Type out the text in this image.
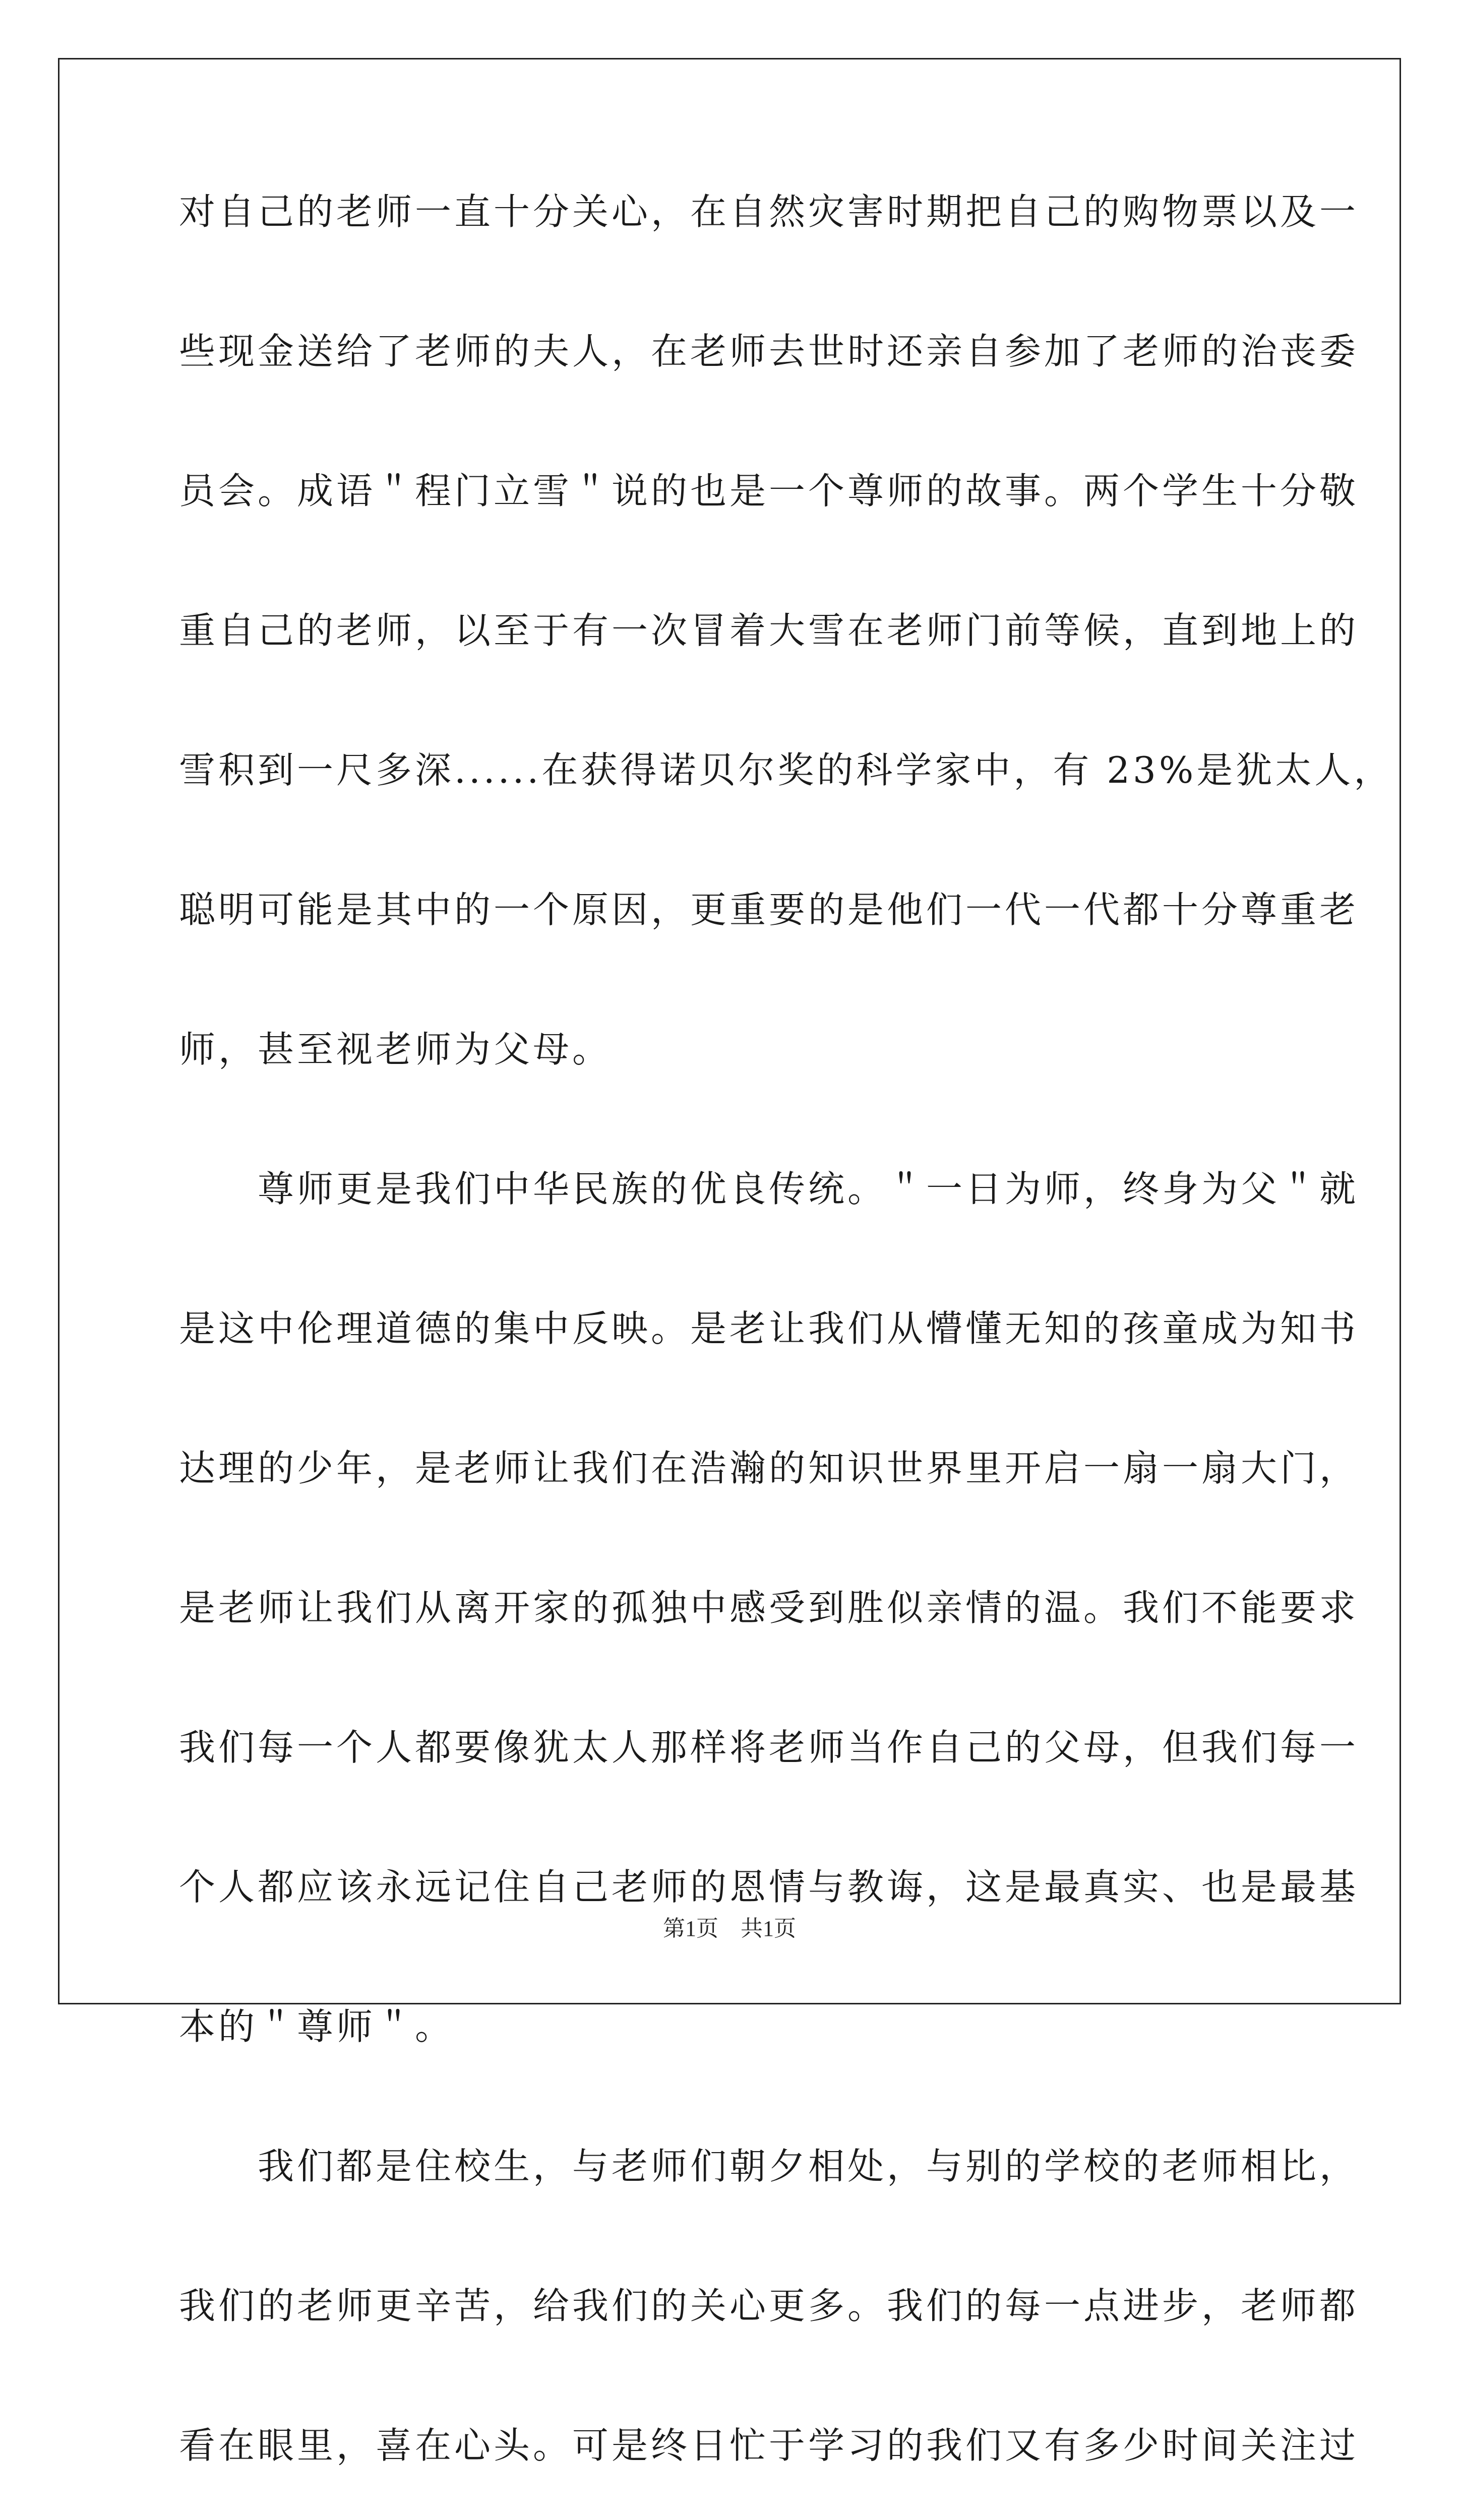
对自己的老师一直十分关心，在自然灾害时期把自己的购物票以及一
些现金送给了老师的夫人，在老师去世时还亲自参加了老师的治丧委
员会。成语＂程门立雪＂说的也是一个尊师的故事。两个学生十分敬
重自己的老师，以至于有一次冒着大雪在老师门前等候，直到地上的
雪积到一尺多深......在获得诺贝尔奖的科学家中，有 23%是犹太人，
聪明可能是其中的一个原因，更重要的是他们一代一代都十分尊重老
师，甚至视老师为父母。
　　尊师更是我们中华民族的优良传统。＂一日为师，终身为父＂就
是这中伦理道德的集中反映。是老让我们从懵懂无知的孩童成为知书
达理的少年，是老师让我们在浩瀚的知识世界里开启一扇一扇大门，
是老师让我们从离开家的孤独中感受到胜似亲情的温。我们不能要求
我们每一个人都要像犹太人那样将老师当作自己的父母，但我们每一
个人都应该永远记住自己老师的恩情与教诲，这是最真实、也是最基
本的＂尊师＂。
　　我们都是住校生，与老师们朝夕相处，与别的学校的老师相比，
我们的老师更辛苦，给我们的关心更多。我们的每一点进步，老师都
看在眼里，喜在心头。可是终日忙于学习的我们又有多少时间关注过
第1页　共1页
